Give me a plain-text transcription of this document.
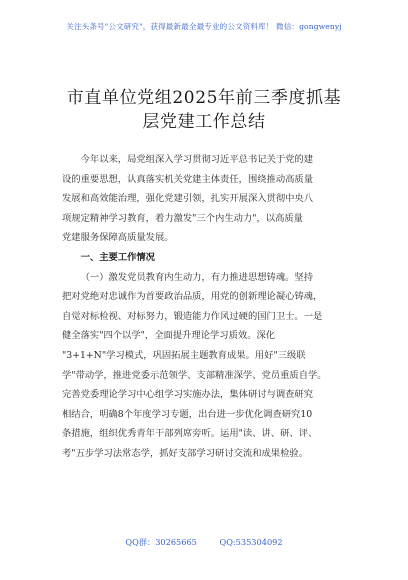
关注头条号"公文研究"，获得最新最全最专业的公文资料库！ 微信：gongwenyj
市直单位党组2025年前三季度抓基
层党建工作总结

今年以来，局党组深入学习贯彻习近平总书记关于党的建
设的重要思想，认真落实机关党建主体责任，围绕推动高质量
发展和高效能治理，强化党建引领，扎实开展深入贯彻中央八
项规定精神学习教育，着力激发"三个内生动力"，以高质量
党建服务保障高质量发展。

一、主要工作情况

（一）激发党员教育内生动力，有力推进思想铸魂。坚持
把对党绝对忠诚作为首要政治品质，用党的创新理论凝心铸魂，
自觉对标检视、对标努力，锻造能力作风过硬的国门卫士。一是
健全落实"四个以学"，全面提升理论学习质效。深化
"3+1+N"学习模式，巩固拓展主题教育成果。用好"三级联
学"带动学，推进党委示范领学、支部精准深学、党员重质自学。
完善党委理论学习中心组学习实施办法，集体研讨与调查研究
相结合，明确8个年度学习专题，出台进一步优化调查研究10
条措施，组织优秀青年干部列席旁听。运用"读、讲、研、评、
考"五步学习法常态学，抓好支部学习研讨交流和成果检验。

QQ群：30265665	QQ:535304092
